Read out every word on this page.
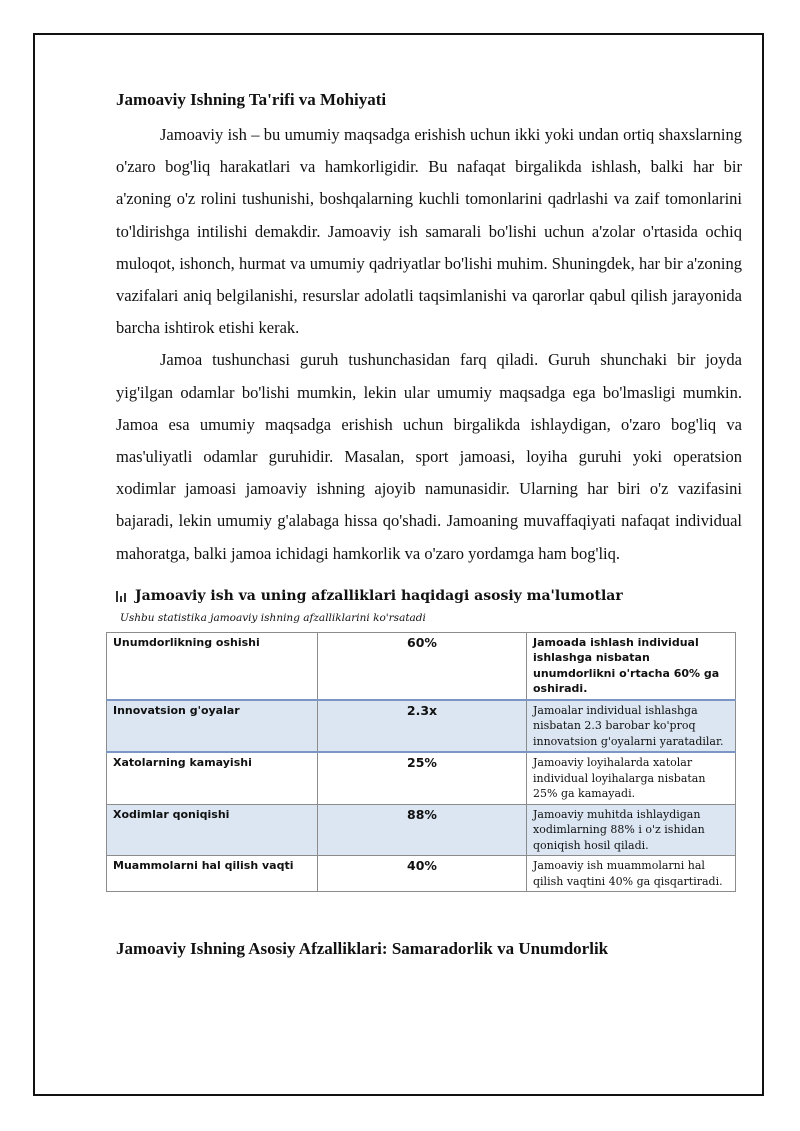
Jamoaviy Ishning Ta'rifi va Mohiyati

Jamoaviy ish – bu umumiy maqsadga erishish uchun ikki yoki undan ortiq shaxslarning o'zaro bog'liq harakatlari va hamkorligidir. Bu nafaqat birgalikda ishlash, balki har bir a'zoning o'z rolini tushunishi, boshqalarning kuchli tomonlarini qadrlashi va zaif tomonlarini to'ldirishga intilishi demakdir. Jamoaviy ish samarali bo'lishi uchun a'zolar o'rtasida ochiq muloqot, ishonch, hurmat va umumiy qadriyatlar bo'lishi muhim. Shuningdek, har bir a'zoning vazifalari aniq belgilanishi, resurslar adolatli taqsimlanishi va qarorlar qabul qilish jarayonida barcha ishtirok etishi kerak.

Jamoa tushunchasi guruh tushunchasidan farq qiladi. Guruh shunchaki bir joyda yig'ilgan odamlar bo'lishi mumkin, lekin ular umumiy maqsadga ega bo'lmasligi mumkin. Jamoa esa umumiy maqsadga erishish uchun birgalikda ishlaydigan, o'zaro bog'liq va mas'uliyatli odamlar guruhidir. Masalan, sport jamoasi, loyiha guruhi yoki operatsion xodimlar jamoasi jamoaviy ishning ajoyib namunasidir. Ularning har biri o'z vazifasini bajaradi, lekin umumiy g'alabaga hissa qo'shadi. Jamoaning muvaffaqiyati nafaqat individual mahoratga, balki jamoa ichidagi hamkorlik va o'zaro yordamga ham bog'liq.

Jamoaviy ish va uning afzalliklari haqidagi asosiy ma'lumotlar
Ushbu statistika jamoaviy ishning afzalliklarini ko'rsatadi
Unumdorlikning oshishi	60%	Jamoada ishlash individual ishlashga nisbatan unumdorlikni o'rtacha 60% ga oshiradi.
Innovatsion g'oyalar	2.3x	Jamoalar individual ishlashga nisbatan 2.3 barobar ko'proq innovatsion g'oyalarni yaratadilar.
Xatolarning kamayishi	25%	Jamoaviy loyihalarda xatolar individual loyihalarga nisbatan 25% ga kamayadi.
Xodimlar qoniqishi	88%	Jamoaviy muhitda ishlaydigan xodimlarning 88% i o'z ishidan qoniqish hosil qiladi.
Muammolarni hal qilish vaqti	40%	Jamoaviy ish muammolarni hal qilish vaqtini 40% ga qisqartiradi.
Jamoaviy Ishning Asosiy Afzalliklari: Samaradorlik va Unumdorlik
